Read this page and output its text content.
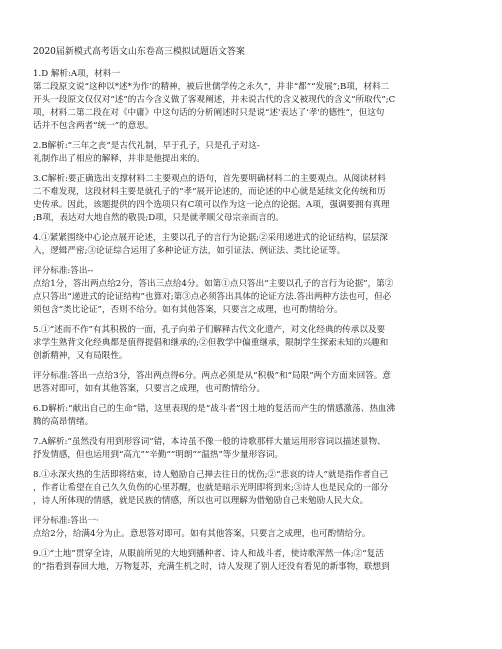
2020届新模式高考语文山东卷高三模拟试题语文答案
1.D 解析:A项，材料一
第二段原文说“这种以*述*为作‘的精神，被后世儒学传之永久”，并非“都”“发展”;B项，材料二
开头一段原文仅仅对“述”的古今含义做了客观阐述，并未说古代的含义被现代的含义“所取代”;C
项，材料二第二段在对《中庸》中这句话的分析阐述时只是说“述'表达了‘孝'的德性”，但这句
话并不包含两者“统一”的意思。
2.B解析:“三年之丧”是古代礼制，早于孔子，只是孔子对这-
礼制作出了相应的解释，并非是他提出来的。
3.C解析:要正确选出支撑材料二主要观点的语句，首先要明确材料二的主要观点。从阅读材料
二不难发现，这段材料主要是就孔子的“孝”展开论述的，而论述的中心就是延续文化传统和历
史传承。因此，该题提供的四个选项只有C项可以作为这一论点的论据。A项，强调要拥有真理
;B项，表达对大地自然的敬畏;D项，只是就孝顺父母宗亲而言的。
4.①紧紧围绕中心论点展开论述，主要以孔子的言行为论据;②采用递进式的论证结构，层层深
入，逻辑严密;③论证综合运用了多种论证方法，如引证法、例证法、类比论证等。
评分标准:答出--
点给1分，答出两点给2分，答出三点给4分。如第①点只答出“主要以孔子的言行为论据”，第②
点只答出“递进式的论证结构”也算对;第③点必须答出具体的论证方法.答出两种方法也可，但必
须包含“类比论证”，否则不给分。如有其他答案，只要言之成理，也可酌情给分。
5.①“述而不作”有其积极的一面，孔子向弟子们解释古代文化遗产，对文化经典的传承以及要
求学生熟背文化经典都是值得提倡和继承的;②但教学中偏重继承，限制学生探索未知的兴趣和
创新精神，又有局限性。
评分标准:答出一点给3分，答出两点得6分。两点必须是从“积极”和“局限”两个方面来回答。意
思答对即可，如有其他答案，只要言之成理，也可酌情给分。
6.D解析:“献出自己的生命”错，这里表现的是“战斗者”因土地的复活而产生的情感激荡、热血沸
腾的高昂情绪。
7.A解析:“虽然没有用到形容词”错，本诗虽不像一般的诗歌那样大量运用形容词以描述景物、
抒发情感，但也运用到“高亢”“辛勤”“明朗”“温热”等少量形容词。
8.①永深火热的生活即将结束，诗人勉励自己掸去往日的忧伤;②“悲哀的诗人”就是指作者自己
，作者让希望在自己久久负伤的心里苏醒，也就是暗示光明即将到来;③诗人也是民众的一部分
，诗人所体现的情感，就是民族的情感，所以也可以理解为借勉励自己来勉励人民大众。
评分标准:答出一·
点给2分，给满4分为止。意思答对即可。如有其他答案，只要言之成理，也可酌情给分。
9.①“土地”贯穿全诗，从眼前所见的大地到播种者、诗人和战斗者，使诗歌浑然一体;②“复活
的”指看到春回大地，万物复苏，充满生机之时，诗人发现了别人还没有看见的新事物，联想到
